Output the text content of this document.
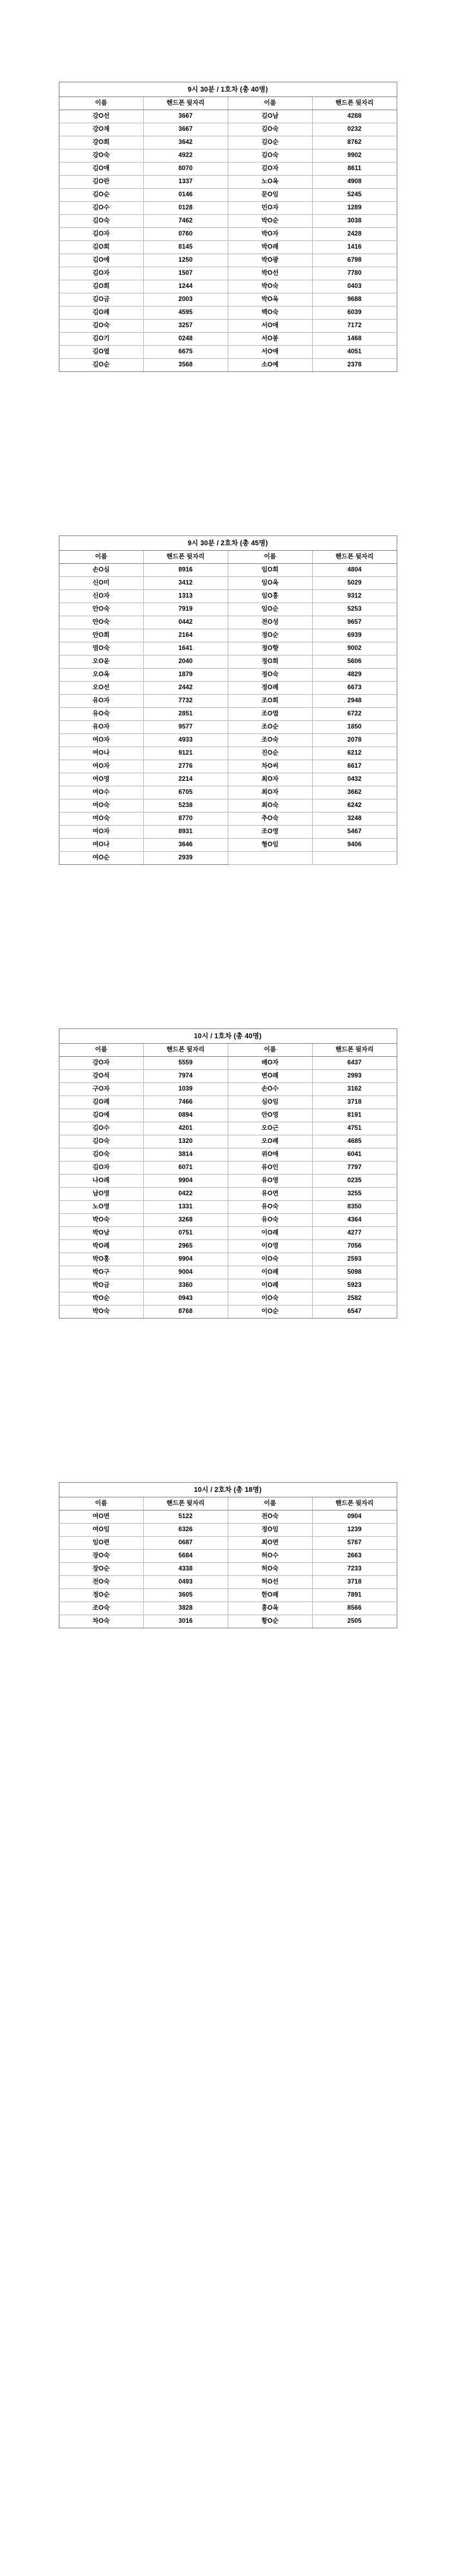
9시 30분 / 1호차 (총 40명)			
이름	핸드폰 뒷자리	이름	핸드폰 뒷자리
강O선	3667	김O남	4288
강O재	3667	김O숙	0232
강O희	3642	김O순	8762
강O숙	4922	김O숙	9902
김O애	8070	김O자	8611
김O란	1337	노O옥	4908
김O순	0146	문O임	5245
김O수	0128	민O자	1289
김O숙	7462	박O순	3038
김O자	0760	박O자	2428
김O희	8145	박O례	1416
김O애	1250	박O광	6798
김O자	1507	박O선	7780
김O희	1244	박O숙	0403
김O금	2003	박O옥	9688
김O례	4595	백O숙	6039
김O숙	3257	서O애	7172
김O기	0248	서O봉	1468
김O열	6675	서O애	4051
김O순	3568	소O예	2378
9시 30분 / 2호차 (총 45명)			
이름	핸드폰 뒷자리	이름	핸드폰 뒷자리
손O심	8916	임O희	4804
신O미	3412	임O옥	5029
신O자	1313	임O홍	9312
안O숙	7919	임O순	5253
안O숙	0442	전O성	9657
안O희	2164	정O순	6939
염O숙	1641	정O향	9002
오O윤	2040	정O희	5606
오O옥	1879	정O숙	4829
오O선	2442	정O례	6673
유O자	7732	조O희	2948
유O숙	2851	조O엽	6722
유O자	9577	조O순	1850
여O자	4933	조O숙	2078
여O나	9121	진O순	6212
여O자	2776	차O씨	6617
여O영	2214	최O자	0432
여O수	6705	최O자	3662
여O숙	5238	최O숙	6242
여O숙	8770	추O숙	3248
여O자	8931	조O영	5467
여O나	3646	형O임	9406
여O순	2939		
10시 / 1호차 (총 40명)			
이름	핸드폰 뒷자리	이름	핸드폰 뒷자리
강O자	5559	배O자	6437
강O석	7974	변O례	2993
구O자	1039	손O수	3162
김O례	7466	심O임	3718
김O예	0894	안O영	8191
김O수	4201	오O근	4751
김O숙	1320	오O례	4685
김O숙	3814	위O애	6041
김O자	6071	유O인	7797
나O례	9904	유O영	0235
남O영	0422	유O연	3255
노O영	1331	유O숙	8350
박O숙	3268	유O숙	4364
박O남	0751	이O례	4277
박O례	2965	이O영	7056
박O홍	9904	이O숙	2593
박O구	9004	이O례	5098
박O금	3360	이O례	5923
박O순	0943	이O숙	2582
박O숙	8768	이O순	6547
10시 / 2호차 (총 18명)			
이름	핸드폰 뒷자리	이름	핸드폰 뒷자리
여O면	5122	전O숙	0904
여O임	6326	정O임	1239
임O련	0687	최O면	5767
장O숙	5684	허O수	2663
장O순	4338	허O숙	7233
전O숙	0493	허O선	3718
정O순	3605	한O례	7891
조O숙	3828	홍O옥	8566
차O숙	3016	황O순	2505
